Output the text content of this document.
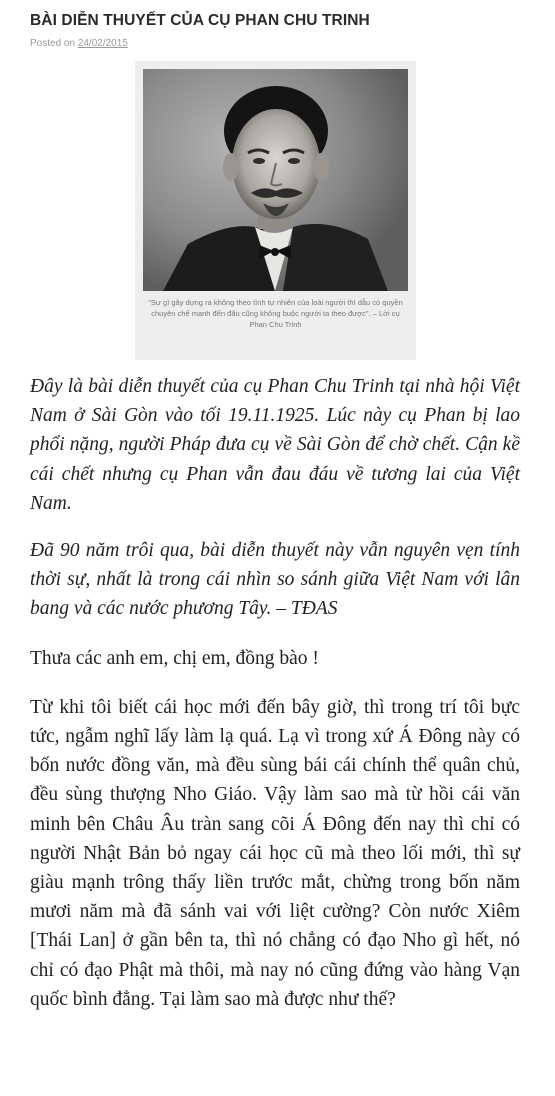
BÀI DIỄN THUYẾT CỦA CỤ PHAN CHU TRINH
Posted on 24/02/2015
"Sự gì gây dựng ra không theo tình tự nhiên của loài người thì dẫu có quyền chuyên chế mạnh đến đâu cũng không buộc người ta theo được". – Lời cụ Phan Chu Trinh

Đây là bài diễn thuyết của cụ Phan Chu Trinh tại nhà hội Việt Nam ở Sài Gòn vào tối 19.11.1925. Lúc này cụ Phan bị lao phổi nặng, người Pháp đưa cụ về Sài Gòn để chờ chết. Cận kề cái chết nhưng cụ Phan vẫn đau đáu về tương lai của Việt Nam.

Đã 90 năm trôi qua, bài diễn thuyết này vẫn nguyên vẹn tính thời sự, nhất là trong cái nhìn so sánh giữa Việt Nam với lân bang và các nước phương Tây. – TĐAS

Thưa các anh em, chị em, đồng bào !

Từ khi tôi biết cái học mới đến bây giờ, thì trong trí tôi bực tức, ngẫm nghĩ lấy làm lạ quá. Lạ vì trong xứ Á Đông này có bốn nước đồng văn, mà đều sùng bái cái chính thể quân chủ, đều sùng thượng Nho Giáo. Vậy làm sao mà từ hồi cái văn minh bên Châu Âu tràn sang cõi Á Đông đến nay thì chỉ có người Nhật Bản bỏ ngay cái học cũ mà theo lối mới, thì sự giàu mạnh trông thấy liền trước mắt, chừng trong bốn năm mươi năm mà đã sánh vai với liệt cường? Còn nước Xiêm [Thái Lan] ở gần bên ta, thì nó chẳng có đạo Nho gì hết, nó chỉ có đạo Phật mà thôi, mà nay nó cũng đứng vào hàng Vạn quốc bình đẳng. Tại làm sao mà được như thế?
